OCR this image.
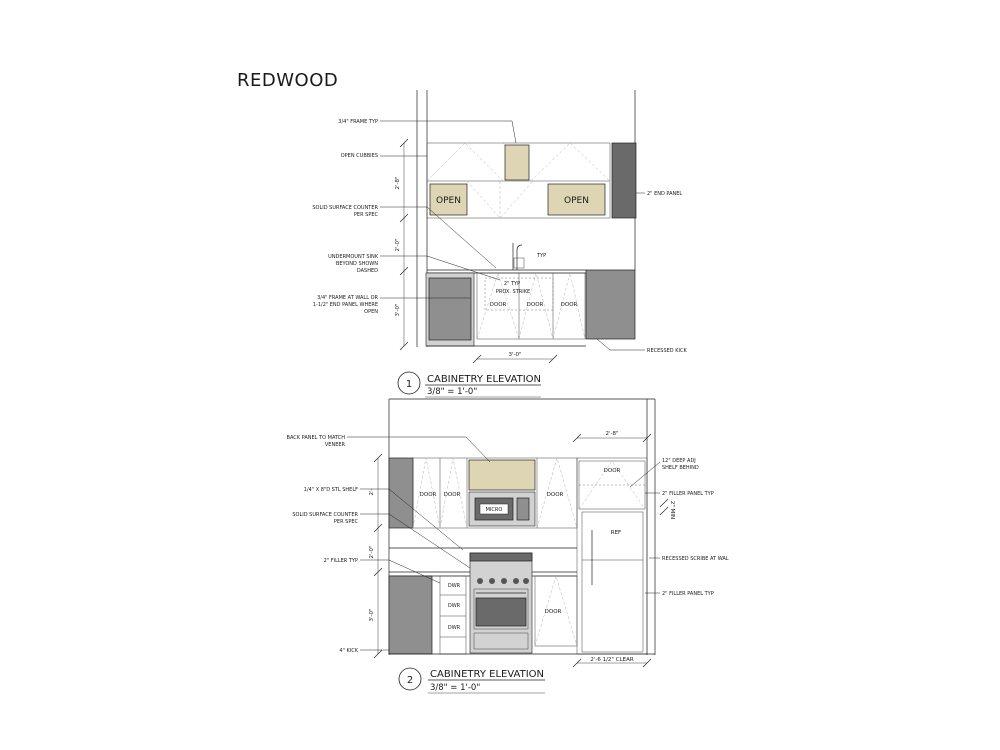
REDWOOD
OPEN	OPEN
DOOR	DOOR	DOOR
2" TYP
PROX. STRIKE
TYP
2'-8"
2'-0"
3'-0"
3'-0"
3/4" FRAME TYP
OPEN CUBBIES
SOLID SURFACE COUNTER
PER SPEC
UNDERMOUNT SINK
BEYOND SHOWN
DASHED
3/4" FRAME AT WALL OR
1-1/2" END PANEL WHERE
OPEN
2" END PANEL
RECESSED KICK
1 CABINETRY ELEVATION
3/8" = 1'-0"
DOOR DOOR	DOOR
MICRO
DOOR
REF
DWR
DWR
DWR
DOOR
2'-
2'-0"
3'-0"
2'-8"
2" MIN
2'-6 1/2" CLEAR
BACK PANEL TO MATCH
VENEER
1/4" X 8"D STL SHELF
SOLID SURFACE COUNTER
PER SPEC
2" FILLER TYP
4" KICK
12" DEEP ADJ
SHELF BEHIND
2" FILLER PANEL TYP
RECESSED SCRIBE AT WAL
2" FILLER PANEL TYP
2
CABINETRY ELEVATION
3/8" = 1'-0"
